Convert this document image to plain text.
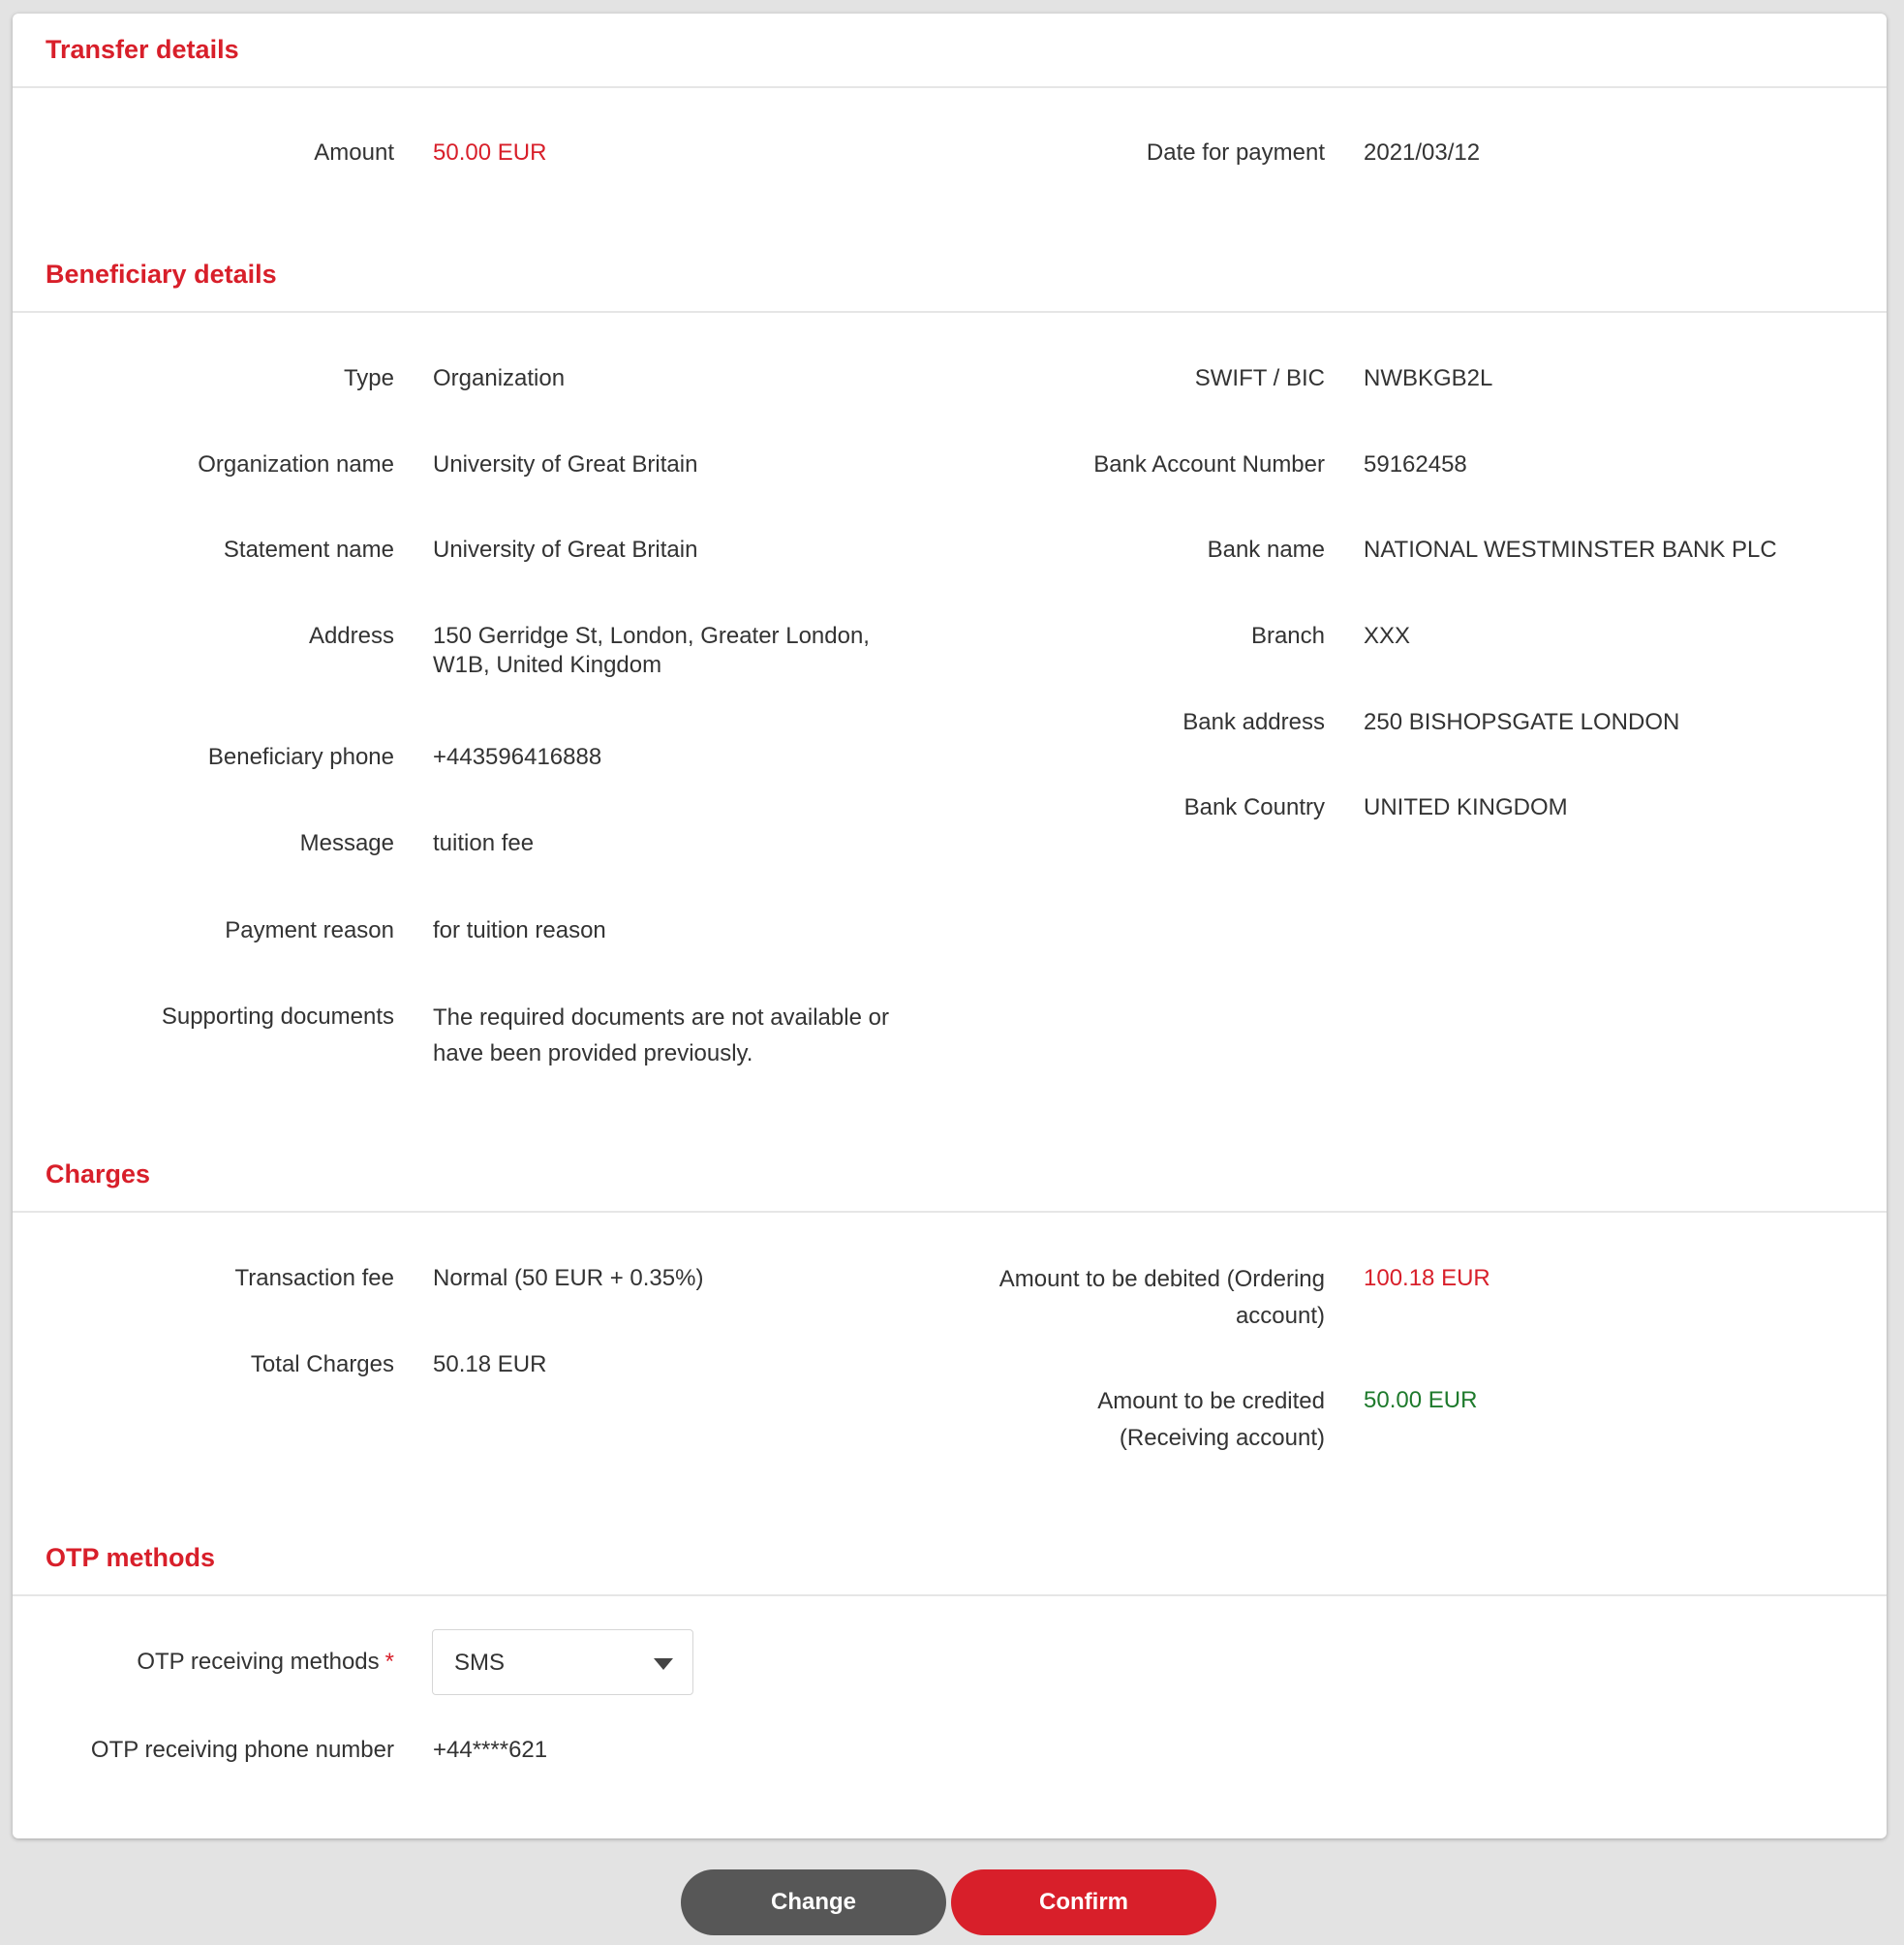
Transfer details
Amount 50.00 EUR	Date for payment 2021/03/12
Beneficiary details
Type Organization
Organization name University of Great Britain
Statement name University of Great Britain
Address 150 Gerridge St, London, Greater London,
W1B, United Kingdom
Beneficiary phone +443596416888
Message tuition fee
Payment reason for tuition reason
Supporting documents The required documents are not available or
have been provided previously.
SWIFT / BIC NWBKGB2L
Bank Account Number 59162458
Bank name NATIONAL WESTMINSTER BANK PLC
Branch XXX
Bank address 250 BISHOPSGATE LONDON
Bank Country UNITED KINGDOM
Charges
Transaction fee Normal (50 EUR + 0.35%)
Total Charges 50.18 EUR
Amount to be debited (Ordering
account)
100.18 EUR
Amount to be credited
(Receiving account)
50.00 EUR
OTP methods
OTP receiving methods *	SMS
OTP receiving phone number +44****621
Change	Confirm
